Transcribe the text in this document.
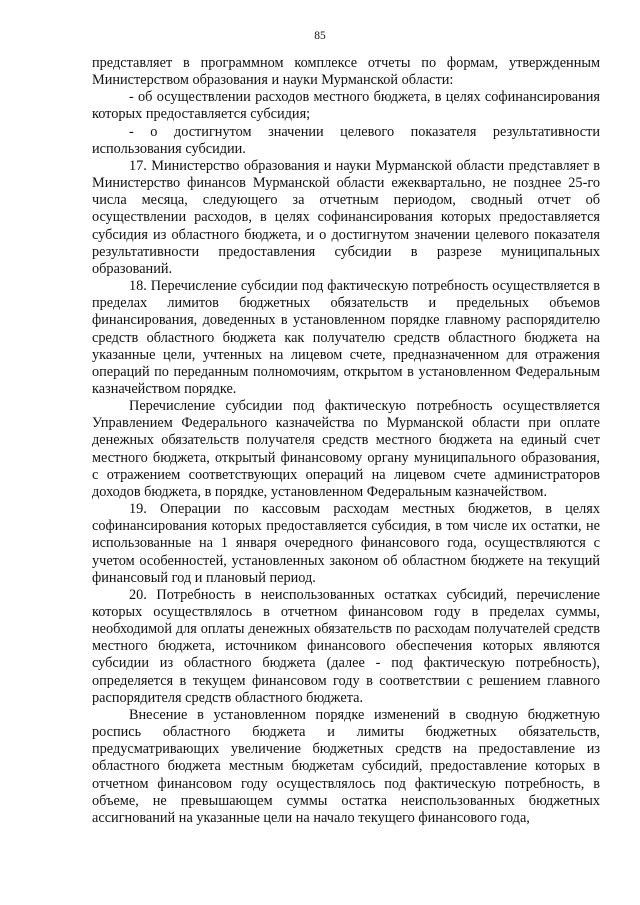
85

представляет в программном комплексе отчеты по формам, утвержденным Министерством образования и науки Мурманской области:

- об осуществлении расходов местного бюджета, в целях софинансирования которых предоставляется субсидия;

- о достигнутом значении целевого показателя результативности использования субсидии.

17. Министерство образования и науки Мурманской области представляет в Министерство финансов Мурманской области ежеквартально, не позднее 25-го числа месяца, следующего за отчетным периодом, сводный отчет об осуществлении расходов, в целях софинансирования которых предоставляется субсидия из областного бюджета, и о достигнутом значении целевого показателя результативности предоставления субсидии в разрезе муниципальных образований.

18. Перечисление субсидии под фактическую потребность осуществляется в пределах лимитов бюджетных обязательств и предельных объемов финансирования, доведенных в установленном порядке главному распорядителю средств областного бюджета как получателю средств областного бюджета на указанные цели, учтенных на лицевом счете, предназначенном для отражения операций по переданным полномочиям, открытом в установленном Федеральным казначейством порядке.

Перечисление субсидии под фактическую потребность осуществляется Управлением Федерального казначейства по Мурманской области при оплате денежных обязательств получателя средств местного бюджета на единый счет местного бюджета, открытый финансовому органу муниципального образования, с отражением соответствующих операций на лицевом счете администраторов доходов бюджета, в порядке, установленном Федеральным казначейством.

19. Операции по кассовым расходам местных бюджетов, в целях софинансирования которых предоставляется субсидия, в том числе их остатки, не использованные на 1 января очередного финансового года, осуществляются с учетом особенностей, установленных законом об областном бюджете на текущий финансовый год и плановый период.

20. Потребность в неиспользованных остатках субсидий, перечисление которых осуществлялось в отчетном финансовом году в пределах суммы, необходимой для оплаты денежных обязательств по расходам получателей средств местного бюджета, источником финансового обеспечения которых являются субсидии из областного бюджета (далее - под фактическую потребность), определяется в текущем финансовом году в соответствии с решением главного распорядителя средств областного бюджета.

Внесение в установленном порядке изменений в сводную бюджетную роспись областного бюджета и лимиты бюджетных обязательств, предусматривающих увеличение бюджетных средств на предоставление из областного бюджета местным бюджетам субсидий, предоставление которых в отчетном финансовом году осуществлялось под фактическую потребность, в объеме, не превышающем суммы остатка неиспользованных бюджетных ассигнований на указанные цели на начало текущего финансового года,
